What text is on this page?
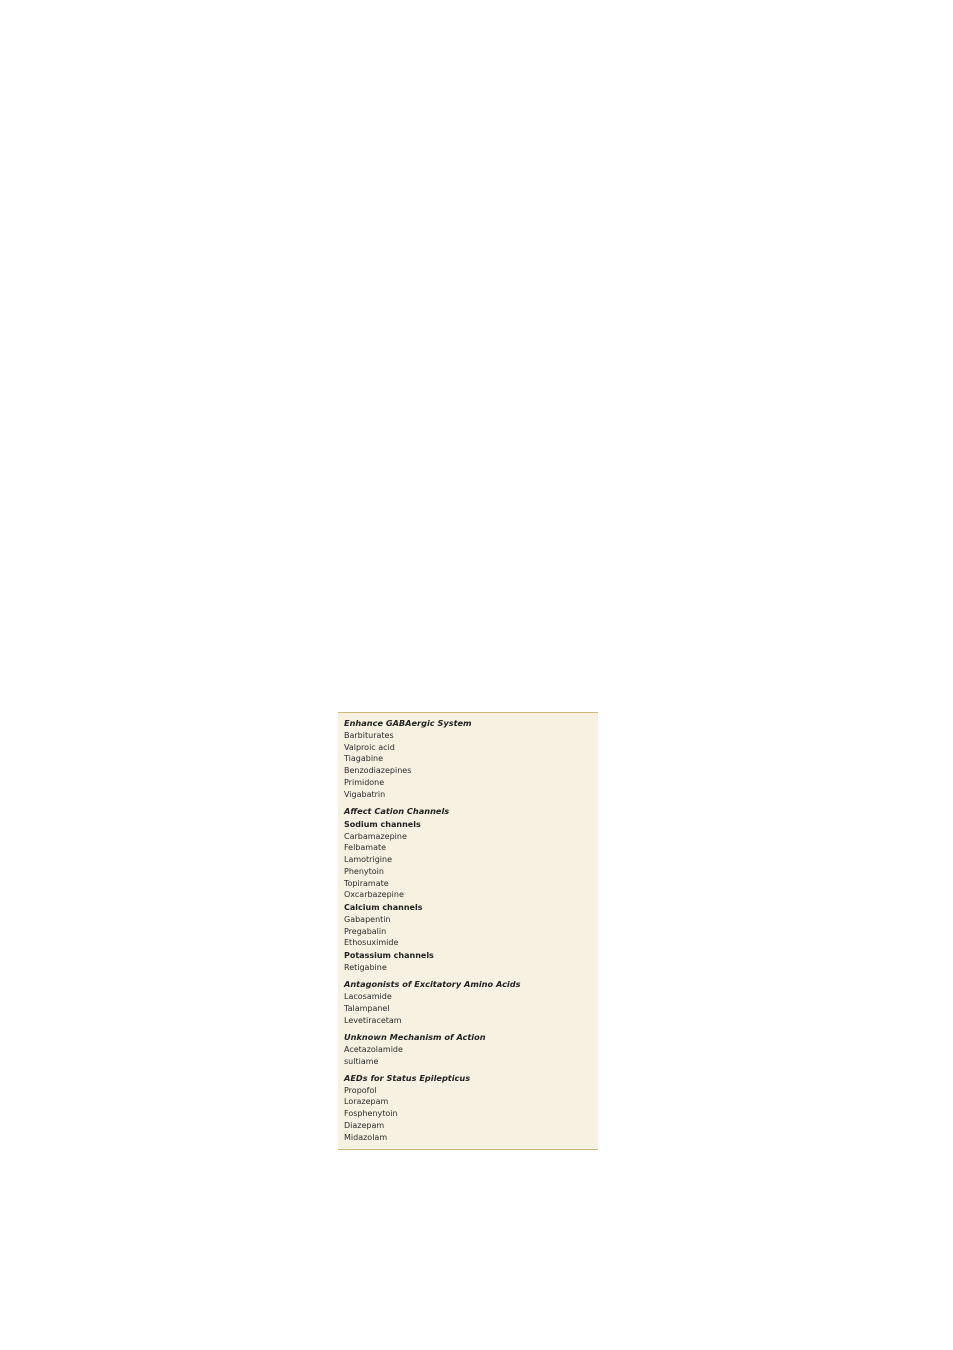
Enhance GABAergic System
Barbiturates
Valproic acid
Tiagabine
Benzodiazepines
Primidone
Vigabatrin
Affect Cation Channels
Sodium channels
Carbamazepine
Felbamate
Lamotrigine
Phenytoin
Topiramate
Oxcarbazepine
Calcium channels
Gabapentin
Pregabalin
Ethosuximide
Potassium channels
Retigabine
Antagonists of Excitatory Amino Acids
Lacosamide
Talampanel
Levetiracetam
Unknown Mechanism of Action
Acetazolamide
sultiame
AEDs for Status Epilepticus
Propofol
Lorazepam
Fosphenytoin
Diazepam
Midazolam
